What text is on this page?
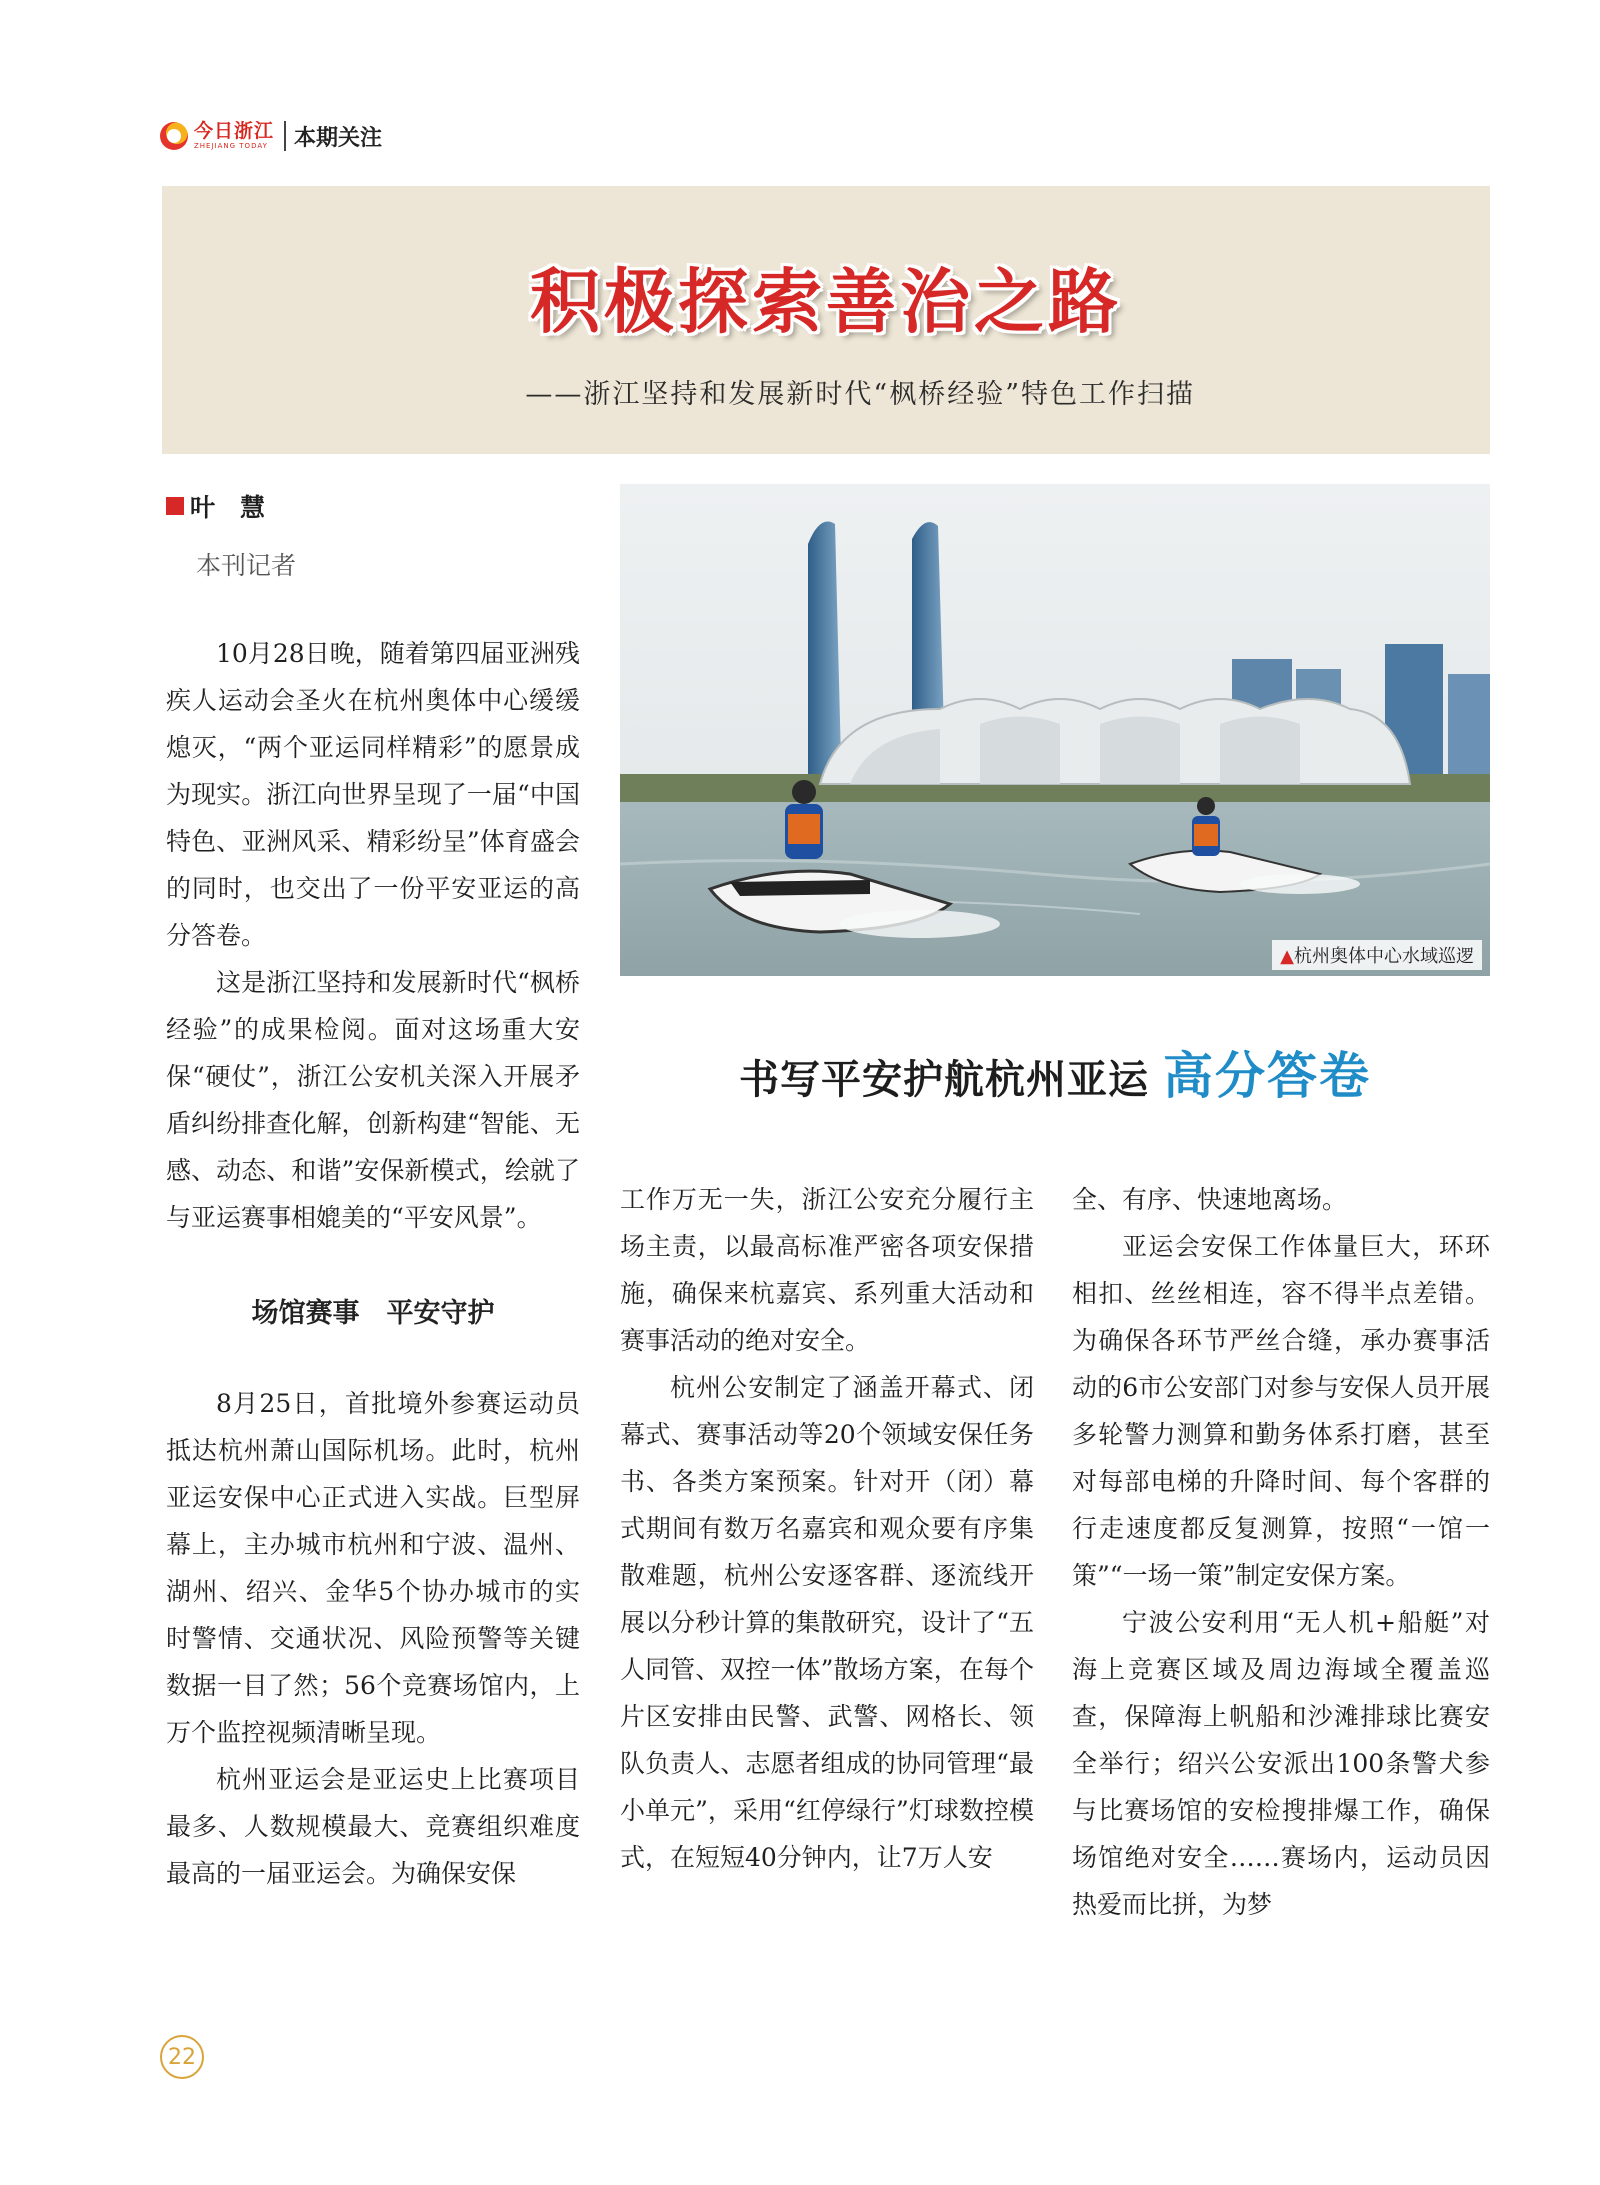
今日浙江
ZHEJIANG TODAY 本期关注
积极探索善治之路
——浙江坚持和发展新时代“枫桥经验”特色工作扫描
叶　慧
本刊记者

10月28日晚，随着第四届亚洲残疾人运动会圣火在杭州奥体中心缓缓熄灭，“两个亚运同样精彩”的愿景成为现实。浙江向世界呈现了一届“中国特色、亚洲风采、精彩纷呈”体育盛会的同时，也交出了一份平安亚运的高分答卷。

这是浙江坚持和发展新时代“枫桥经验”的成果检阅。面对这场重大安保“硬仗”，浙江公安机关深入开展矛盾纠纷排查化解，创新构建“智能、无感、动态、和谐”安保新模式，绘就了与亚运赛事相媲美的“平安风景”。

场馆赛事　平安守护

8月25日，首批境外参赛运动员抵达杭州萧山国际机场。此时，杭州亚运安保中心正式进入实战。巨型屏幕上，主办城市杭州和宁波、温州、湖州、绍兴、金华5个协办城市的实时警情、交通状况、风险预警等关键数据一目了然；56个竞赛场馆内，上万个监控视频清晰呈现。

杭州亚运会是亚运史上比赛项目最多、人数规模最大、竞赛组织难度最高的一届亚运会。为确保安保

▲杭州奥体中心水域巡逻
书写平安护航杭州亚运 高分答卷

工作万无一失，浙江公安充分履行主场主责，以最高标准严密各项安保措施，确保来杭嘉宾、系列重大活动和赛事活动的绝对安全。

杭州公安制定了涵盖开幕式、闭幕式、赛事活动等20个领域安保任务书、各类方案预案。针对开（闭）幕式期间有数万名嘉宾和观众要有序集散难题，杭州公安逐客群、逐流线开展以分秒计算的集散研究，设计了“五人同管、双控一体”散场方案，在每个片区安排由民警、武警、网格长、领队负责人、志愿者组成的协同管理“最小单元”，采用“红停绿行”灯球数控模式，在短短40分钟内，让7万人安

全、有序、快速地离场。

亚运会安保工作体量巨大，环环相扣、丝丝相连，容不得半点差错。为确保各环节严丝合缝，承办赛事活动的6市公安部门对参与安保人员开展多轮警力测算和勤务体系打磨，甚至对每部电梯的升降时间、每个客群的行走速度都反复测算，按照“一馆一策”“一场一策”制定安保方案。

宁波公安利用“无人机+船艇”对海上竞赛区域及周边海域全覆盖巡查，保障海上帆船和沙滩排球比赛安全举行；绍兴公安派出100条警犬参与比赛场馆的安检搜排爆工作，确保场馆绝对安全……赛场内，运动员因热爱而比拼，为梦

22
